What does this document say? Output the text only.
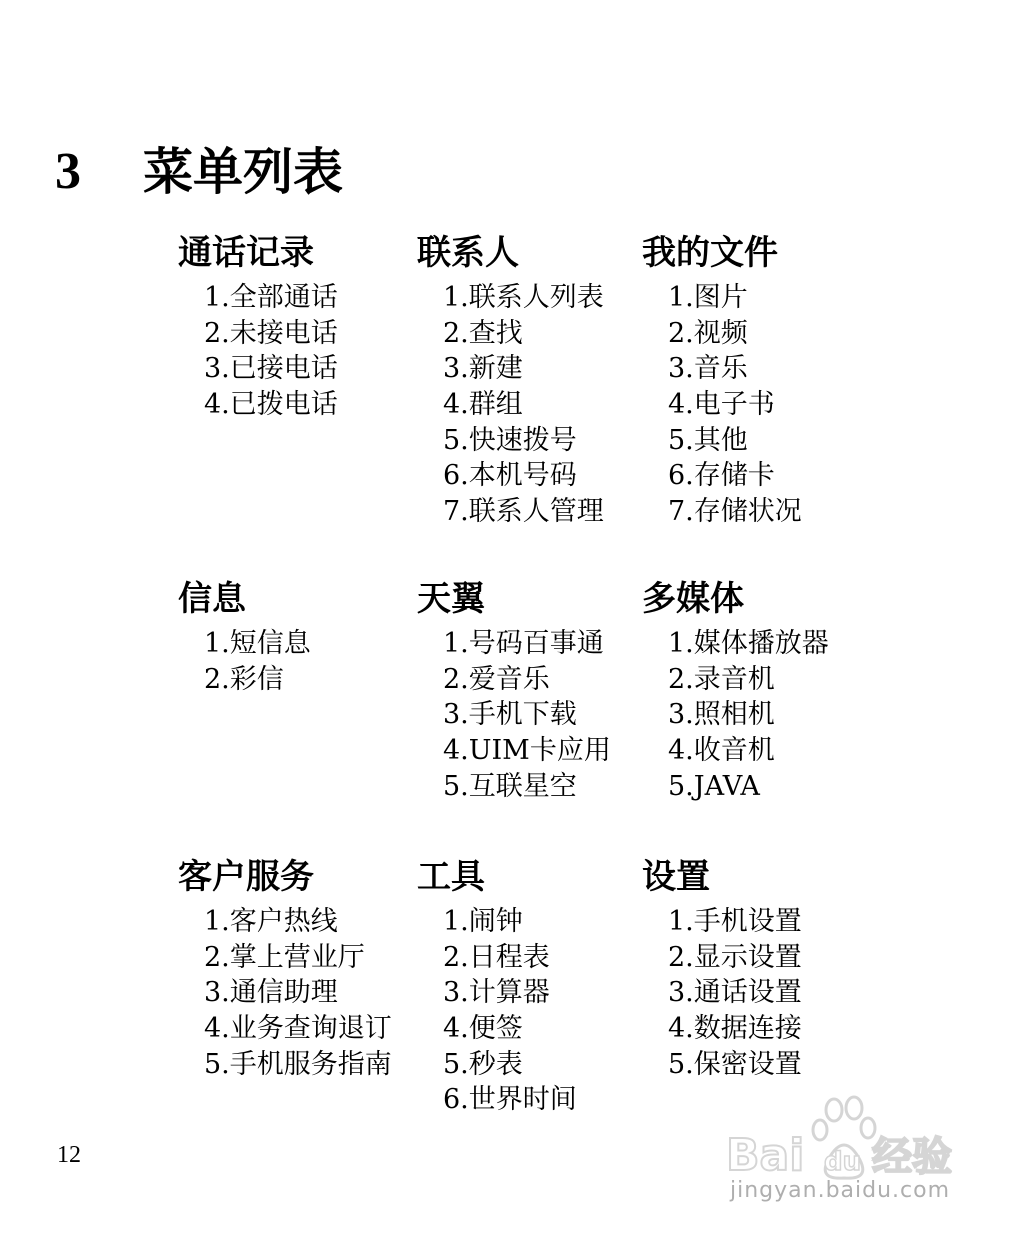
3	菜单列表
通话记录
1.全部通话
2.未接电话
3.已接电话
4.已拨电话
联系人
1.联系人列表
2.查找
3.新建
4.群组
5.快速拨号
6.本机号码
7.联系人管理
我的文件
1.图片
2.视频
3.音乐
4.电子书
5.其他
6.存储卡
7.存储状况
信息
1.短信息
2.彩信
天翼
1.号码百事通
2.爱音乐
3.手机下载
4.UIM卡应用
5.互联星空
多媒体
1.媒体播放器
2.录音机
3.照相机
4.收音机
5.JAVA
客户服务
1.客户热线
2.掌上营业厅
3.通信助理
4.业务查询退订
5.手机服务指南
工具
1.闹钟
2.日程表
3.计算器
4.便签
5.秒表
6.世界时间
设置
1.手机设置
2.显示设置
3.通话设置
4.数据连接
5.保密设置
12	Bai 经验
du
jingyan.baidu.com
